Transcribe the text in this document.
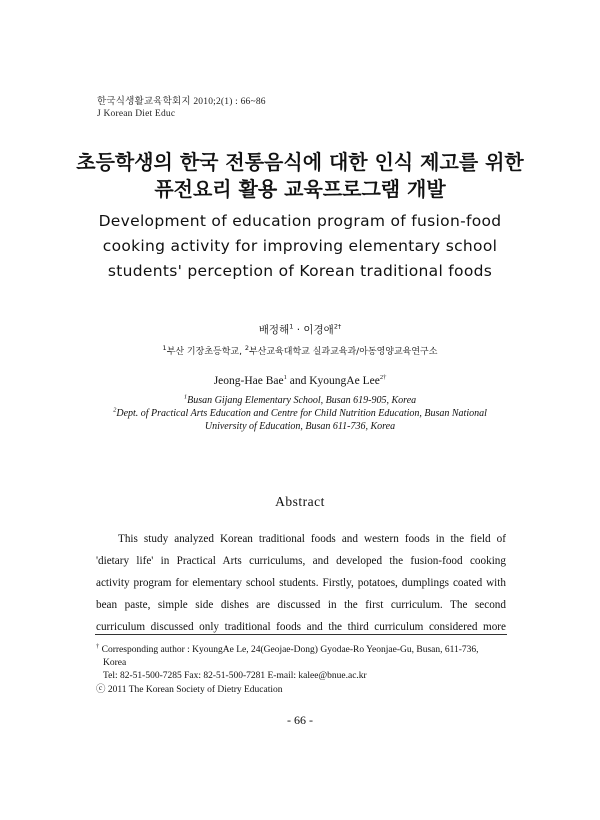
한국식생활교육학회지 2010;2(1) : 66~86
J Korean Diet Educ
초등학생의 한국 전통음식에 대한 인식 제고를 위한
퓨전요리 활용 교육프로그램 개발
Development of education program of fusion-food
cooking activity for improving elementary school
students' perception of Korean traditional foods
배정해$^1$ · 이경애$^{2\dagger}$
$^1$부산 기장초등학교, $^2$부산교육대학교 실과교육과/아동영양교육연구소
Jeong-Hae Bae$^1$ and KyoungAe Lee$^{2\dagger}$
$^1$Busan Gijang Elementary School, Busan 619-905, Korea
$^2$Dept. of Practical Arts Education and Centre for Child Nutrition Education, Busan National
University of Education, Busan 611-736, Korea
Abstract
This study analyzed Korean traditional foods and western foods in the field of
'dietary life' in Practical Arts curriculums, and developed the fusion-food cooking
activity program for elementary school students. Firstly, potatoes, dumplings coated with
bean paste, simple side dishes are discussed in the first curriculum. The second
curriculum discussed only traditional foods and the third curriculum considered more
† Corresponding author : KyoungAe Le, 24(Geojae-Dong) Gyodae-Ro Yeonjae-Gu, Busan, 611-736,
Korea
Tel: 82-51-500-7285 Fax: 82-51-500-7281 E-mail: kalee@bnue.ac.kr
ⓒ 2011 The Korean Society of Dietry Education
- 66 -
